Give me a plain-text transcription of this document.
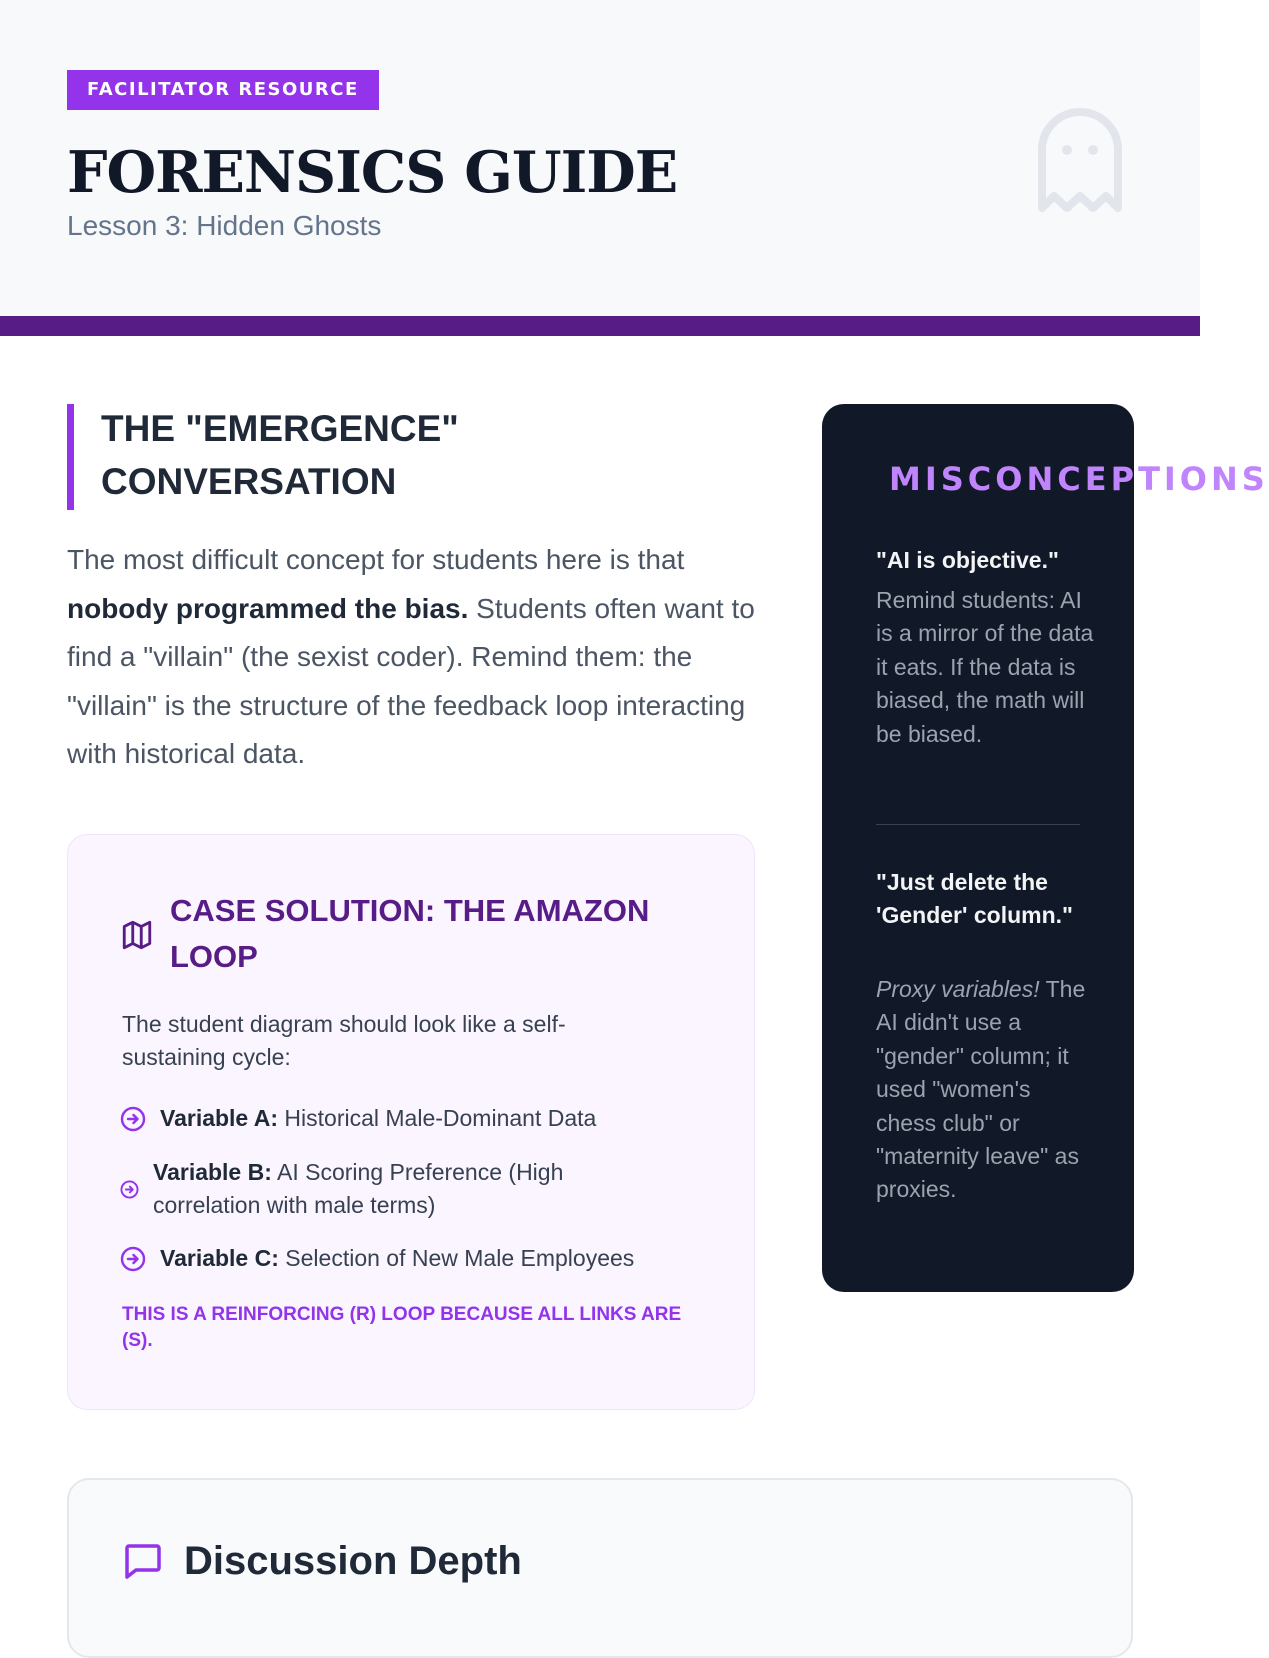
FACILITATOR RESOURCE
FORENSICS GUIDE
Lesson 3: Hidden Ghosts
THE "EMERGENCE" CONVERSATION

The most difficult concept for students here is that nobody programmed the bias. Students often want to find a "villain" (the sexist coder). Remind them: the "villain" is the structure of the feedback loop interacting with historical data.

CASE SOLUTION: THE AMAZON LOOP

The student diagram should look like a self-sustaining cycle:

Variable A: Historical Male-Dominant Data
Variable B: AI Scoring Preference (High correlation with male terms)
Variable C: Selection of New Male Employees

THIS IS A REINFORCING (R) LOOP BECAUSE ALL LINKS ARE (S).

MISCONCEPTIONS
"AI is objective."
Remind students: AI is a mirror of the data it eats. If the data is biased, the math will be biased.
"Just delete the 'Gender' column."
Proxy variables! The AI didn't use a "gender" column; it used "women's chess club" or "maternity leave" as proxies.
Discussion Depth
